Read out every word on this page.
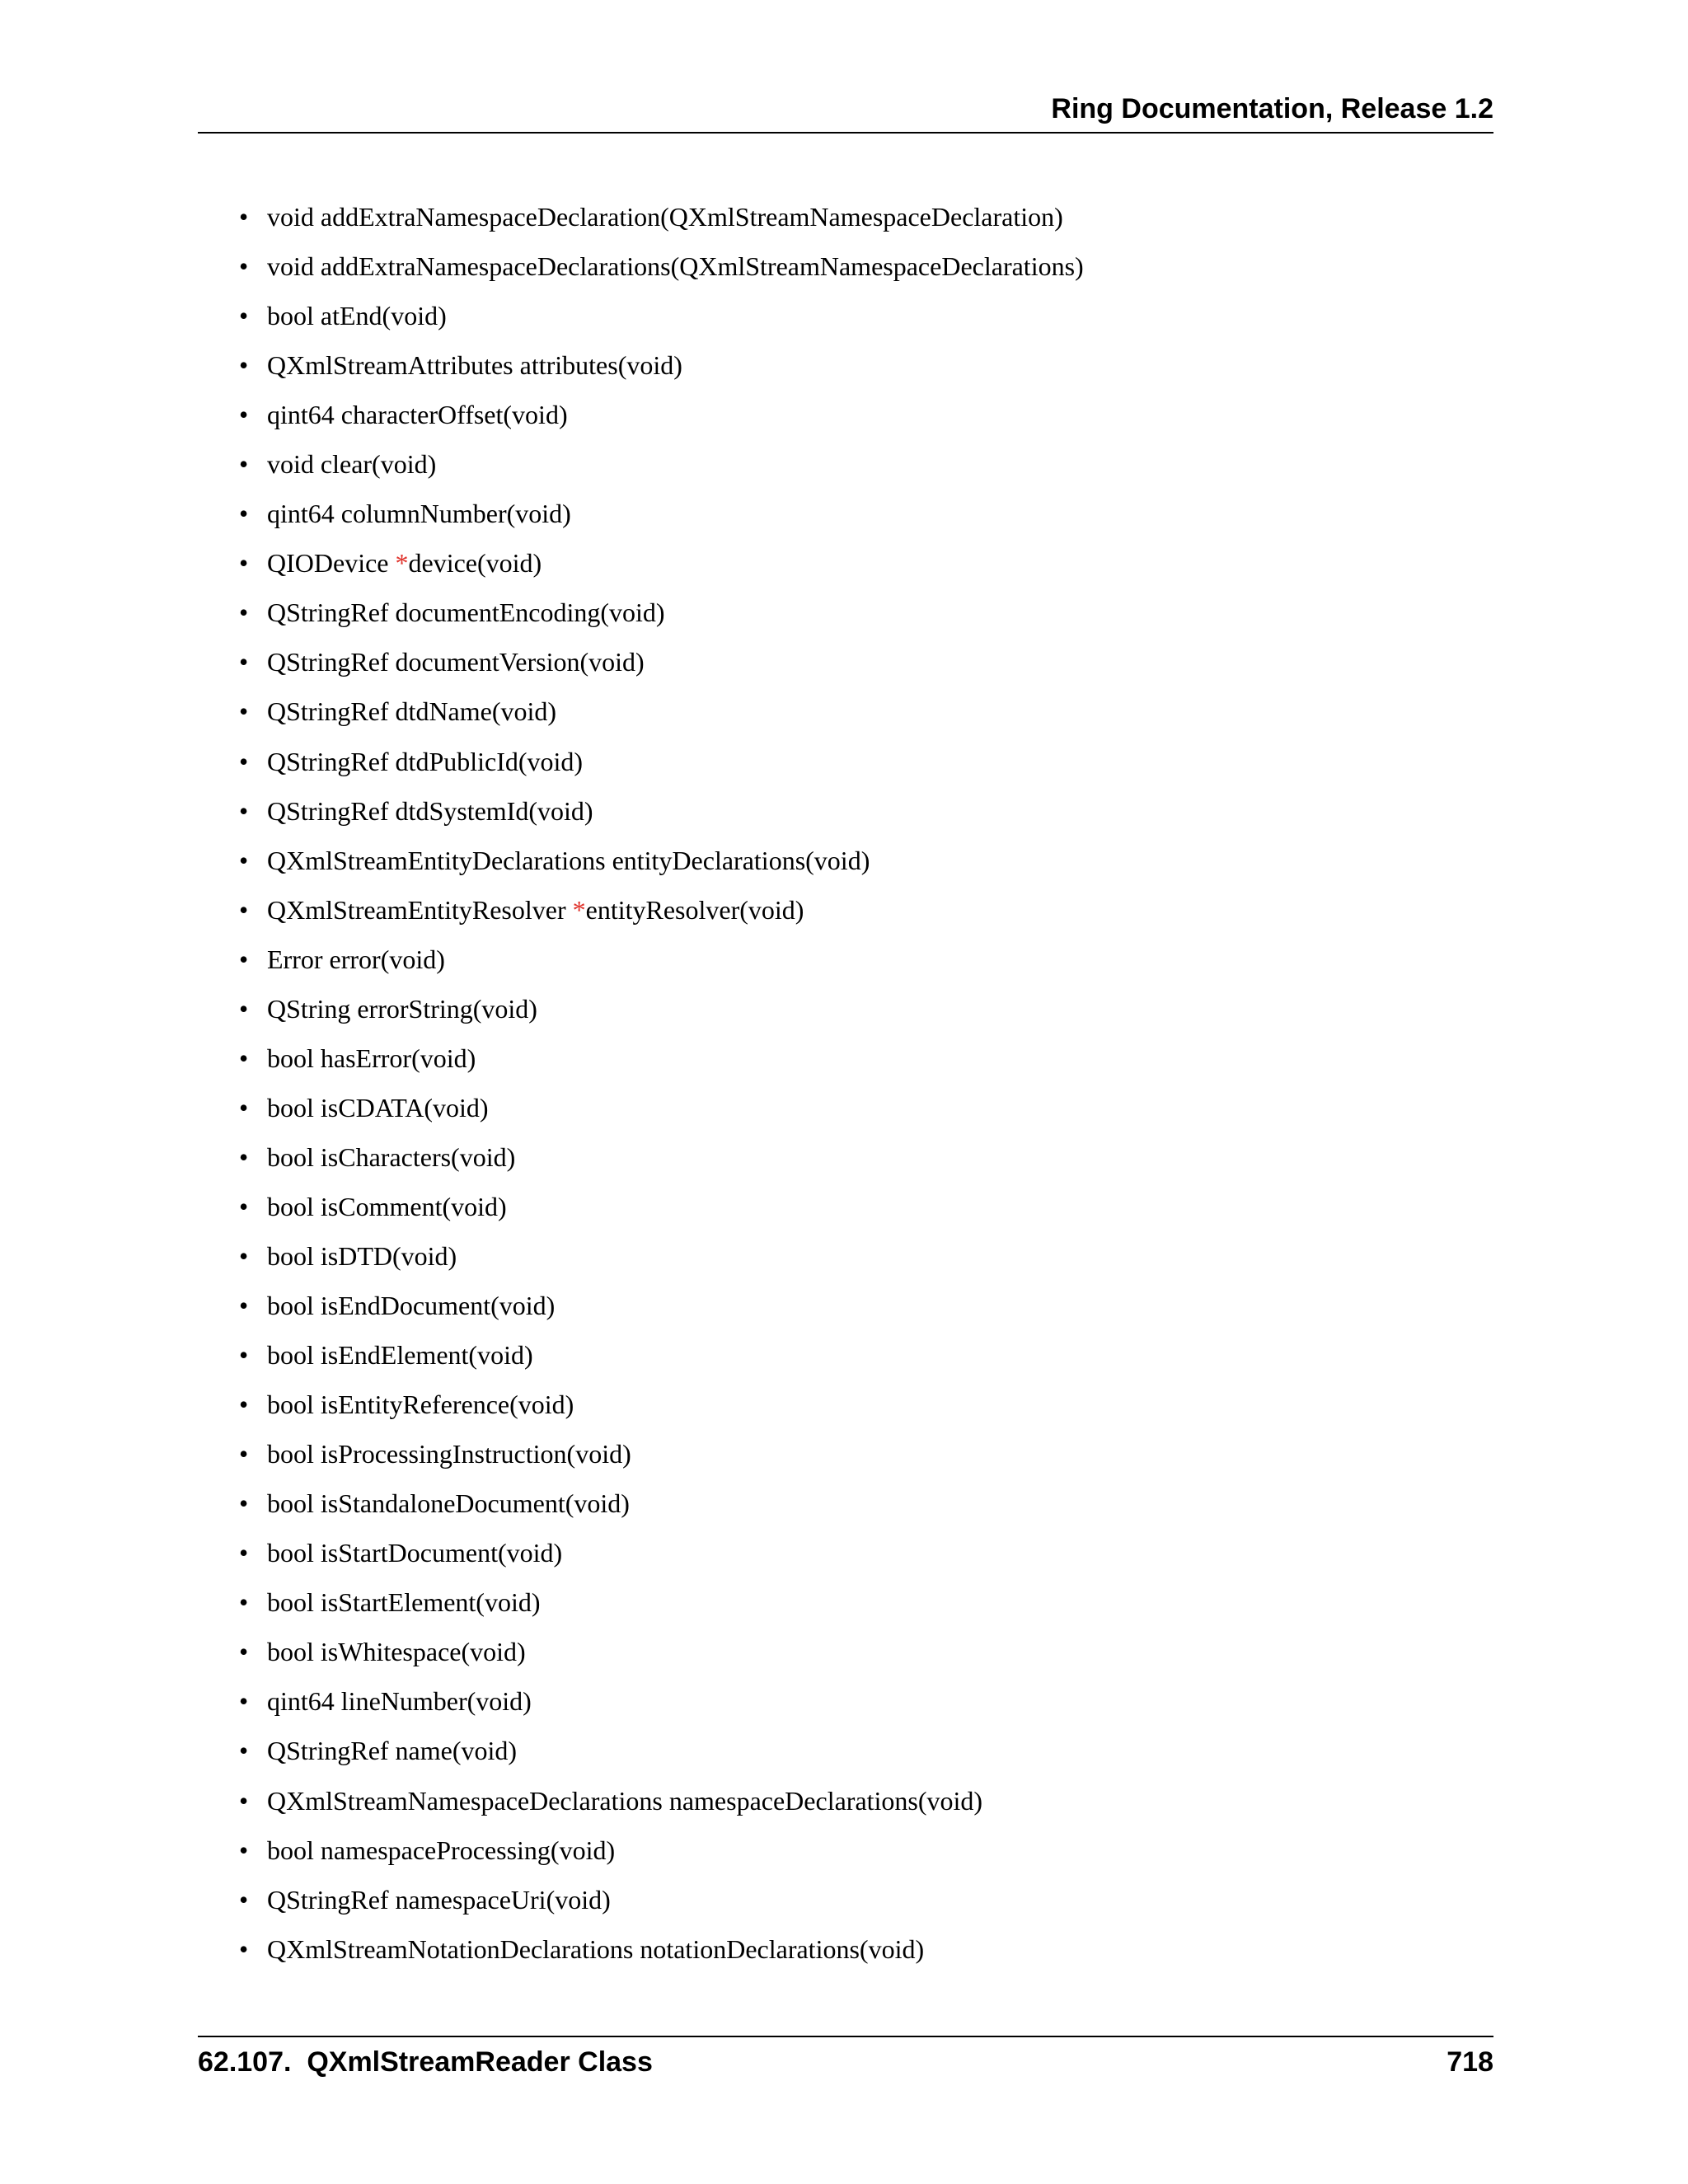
Ring Documentation, Release 1.2
• void addExtraNamespaceDeclaration(QXmlStreamNamespaceDeclaration)
• void addExtraNamespaceDeclarations(QXmlStreamNamespaceDeclarations)
• bool atEnd(void)
• QXmlStreamAttributes attributes(void)
• qint64 characterOffset(void)
• void clear(void)
• qint64 columnNumber(void)
• QIODevice *device(void)
• QStringRef documentEncoding(void)
• QStringRef documentVersion(void)
• QStringRef dtdName(void)
• QStringRef dtdPublicId(void)
• QStringRef dtdSystemId(void)
• QXmlStreamEntityDeclarations entityDeclarations(void)
• QXmlStreamEntityResolver *entityResolver(void)
• Error error(void)
• QString errorString(void)
• bool hasError(void)
• bool isCDATA(void)
• bool isCharacters(void)
• bool isComment(void)
• bool isDTD(void)
• bool isEndDocument(void)
• bool isEndElement(void)
• bool isEntityReference(void)
• bool isProcessingInstruction(void)
• bool isStandaloneDocument(void)
• bool isStartDocument(void)
• bool isStartElement(void)
• bool isWhitespace(void)
• qint64 lineNumber(void)
• QStringRef name(void)
• QXmlStreamNamespaceDeclarations namespaceDeclarations(void)
• bool namespaceProcessing(void)
• QStringRef namespaceUri(void)
• QXmlStreamNotationDeclarations notationDeclarations(void)
62.107.  QXmlStreamReader Class	718
